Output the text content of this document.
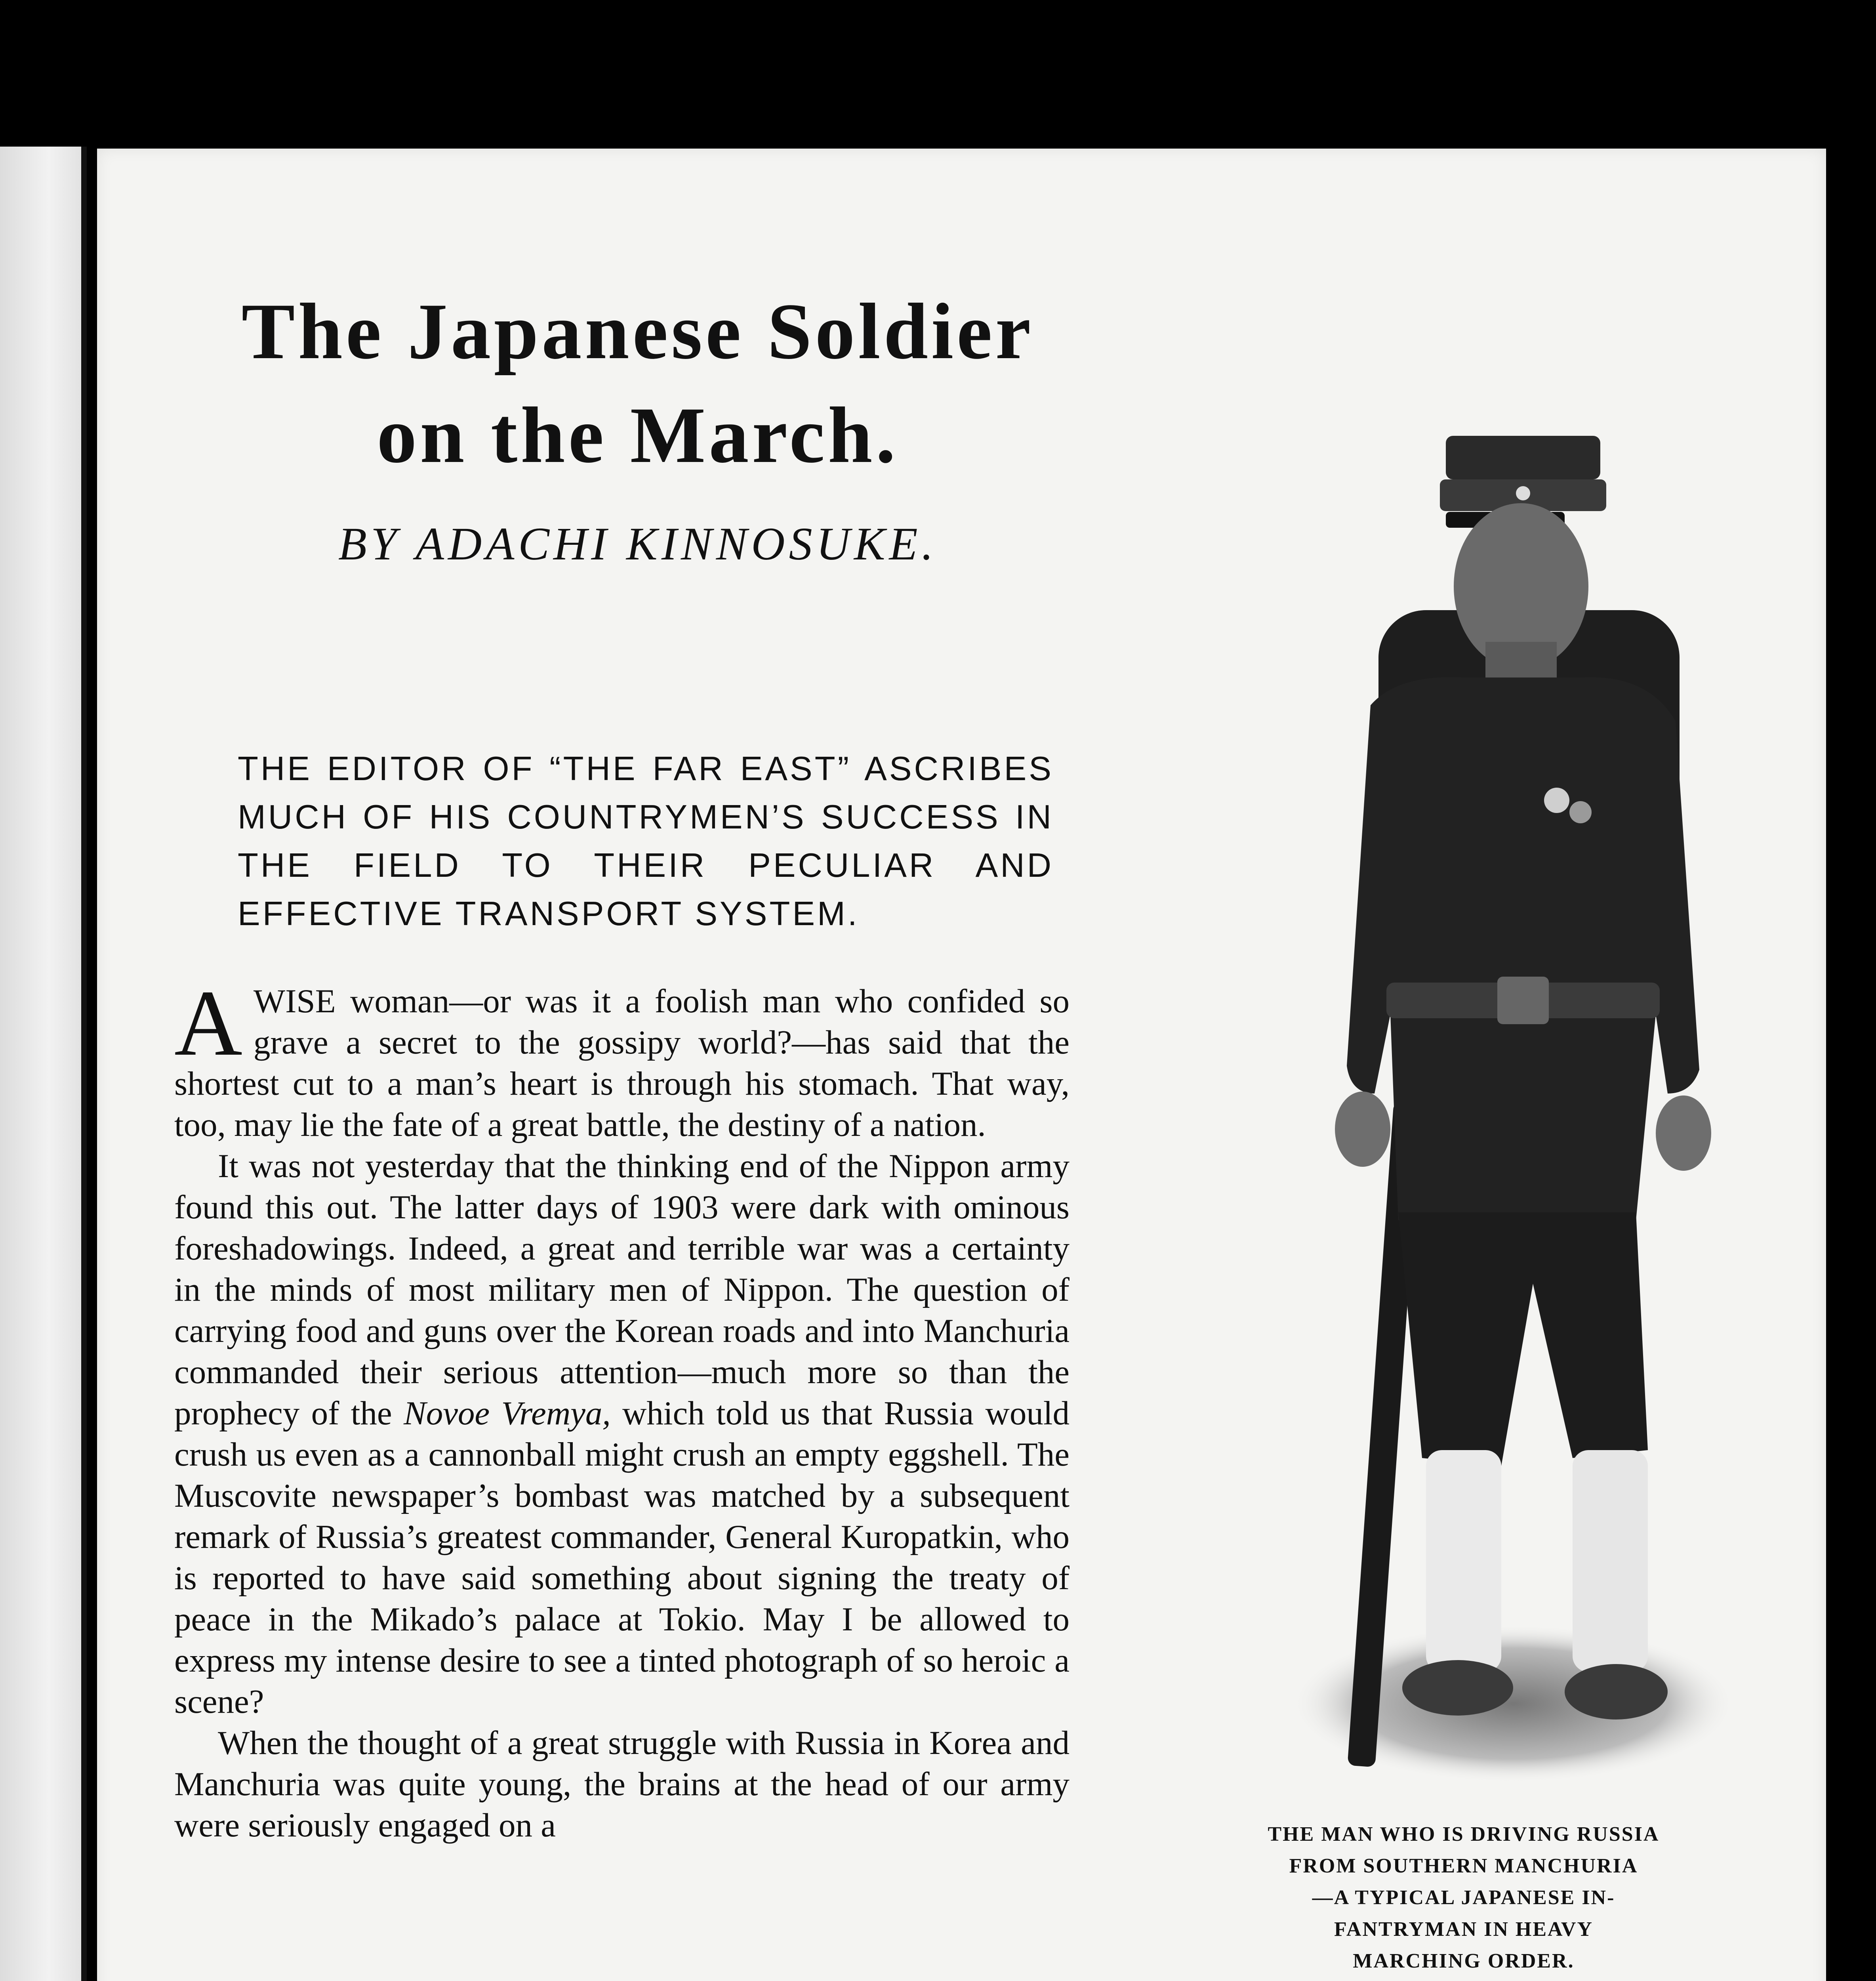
The Japanese Soldier
on the March.
BY ADACHI KINNOSUKE.
THE EDITOR OF “THE FAR EAST” ASCRIBES MUCH OF HIS COUNTRYMEN’S SUCCESS IN THE FIELD TO THEIR PECULIAR AND EFFECTIVE TRANSPORT SYSTEM.

AWISE woman—or was it a foolish man who confided so grave a secret to the gossipy world?—has said that the shortest cut to a man’s heart is through his stomach. That way, too, may lie the fate of a great battle, the destiny of a nation.

It was not yesterday that the thinking end of the Nippon army found this out. The latter days of 1903 were dark with ominous foreshadowings. Indeed, a great and terrible war was a certainty in the minds of most military men of Nippon. The question of carrying food and guns over the Korean roads and into Manchuria commanded their serious attention—much more so than the prophecy of the Novoe Vremya, which told us that Russia would crush us even as a cannonball might crush an empty eggshell. The Muscovite newspaper’s bombast was matched by a subsequent remark of Russia’s greatest commander, General Kuropatkin, who is reported to have said something about signing the treaty of peace in the Mikado’s palace at Tokio. May I be allowed to express my intense desire to see a tinted photograph of so heroic a scene?

When the thought of a great struggle with Russia in Korea and Manchuria was quite young, the brains at the head of our army were seriously engaged on a	THE MAN WHO IS DRIVING RUSSIA
FROM SOUTHERN MANCHURIA
—A TYPICAL JAPANESE IN-
FANTRYMAN IN HEAVY
MARCHING ORDER.
